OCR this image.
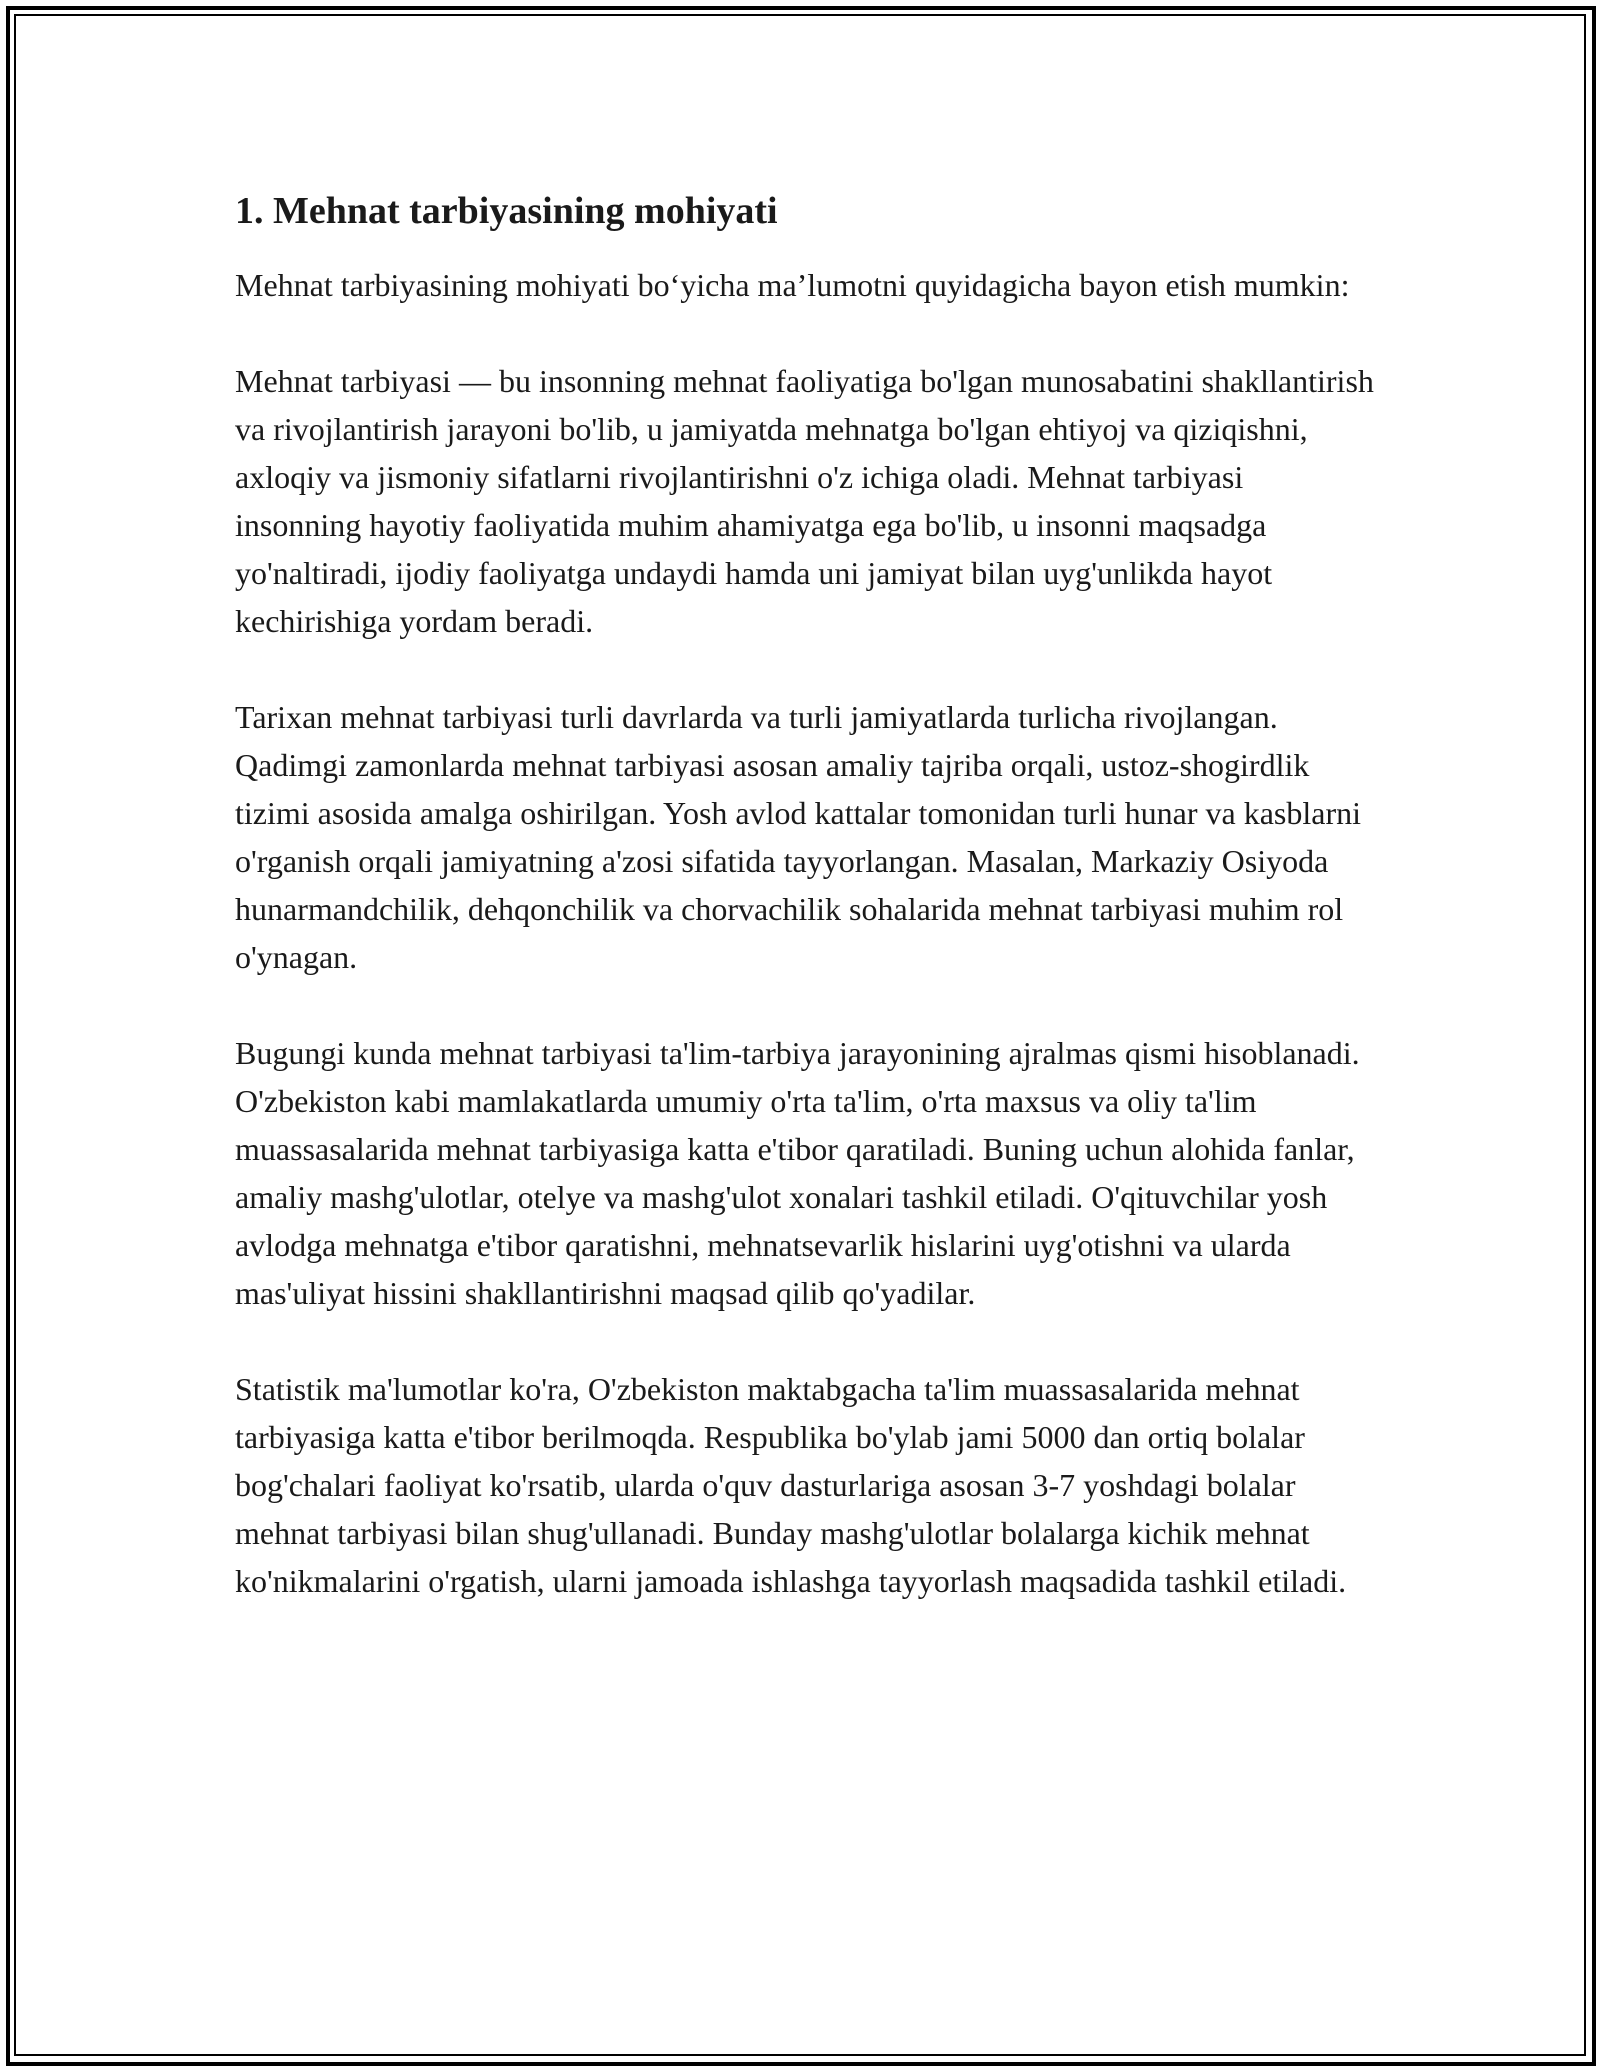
1. Mehnat tarbiyasining mohiyati

Mehnat tarbiyasining mohiyati bo‘yicha ma’lumotni quyidagicha bayon etish mumkin:

Mehnat tarbiyasi — bu insonning mehnat faoliyatiga bo'lgan munosabatini shakllantirish va rivojlantirish jarayoni bo'lib, u jamiyatda mehnatga bo'lgan ehtiyoj va qiziqishni, axloqiy va jismoniy sifatlarni rivojlantirishni o'z ichiga oladi. Mehnat tarbiyasi insonning hayotiy faoliyatida muhim ahamiyatga ega bo'lib, u insonni maqsadga yo'naltiradi, ijodiy faoliyatga undaydi hamda uni jamiyat bilan uyg'unlikda hayot kechirishiga yordam beradi.

Tarixan mehnat tarbiyasi turli davrlarda va turli jamiyatlarda turlicha rivojlangan. Qadimgi zamonlarda mehnat tarbiyasi asosan amaliy tajriba orqali, ustoz-shogirdlik tizimi asosida amalga oshirilgan. Yosh avlod kattalar tomonidan turli hunar va kasblarni o'rganish orqali jamiyatning a'zosi sifatida tayyorlangan. Masalan, Markaziy Osiyoda hunarmandchilik, dehqonchilik va chorvachilik sohalarida mehnat tarbiyasi muhim rol o'ynagan.

Bugungi kunda mehnat tarbiyasi ta'lim-tarbiya jarayonining ajralmas qismi hisoblanadi. O'zbekiston kabi mamlakatlarda umumiy o'rta ta'lim, o'rta maxsus va oliy ta'lim muassasalarida mehnat tarbiyasiga katta e'tibor qaratiladi. Buning uchun alohida fanlar, amaliy mashg'ulotlar, otelye va mashg'ulot xonalari tashkil etiladi. O'qituvchilar yosh avlodga mehnatga e'tibor qaratishni, mehnatsevarlik hislarini uyg'otishni va ularda mas'uliyat hissini shakllantirishni maqsad qilib qo'yadilar.

Statistik ma'lumotlar ko'ra, O'zbekiston maktabgacha ta'lim muassasalarida mehnat tarbiyasiga katta e'tibor berilmoqda. Respublika bo'ylab jami 5000 dan ortiq bolalar bog'chalari faoliyat ko'rsatib, ularda o'quv dasturlariga asosan 3-7 yoshdagi bolalar mehnat tarbiyasi bilan shug'ullanadi. Bunday mashg'ulotlar bolalarga kichik mehnat ko'nikmalarini o'rgatish, ularni jamoada ishlashga tayyorlash maqsadida tashkil etiladi.
